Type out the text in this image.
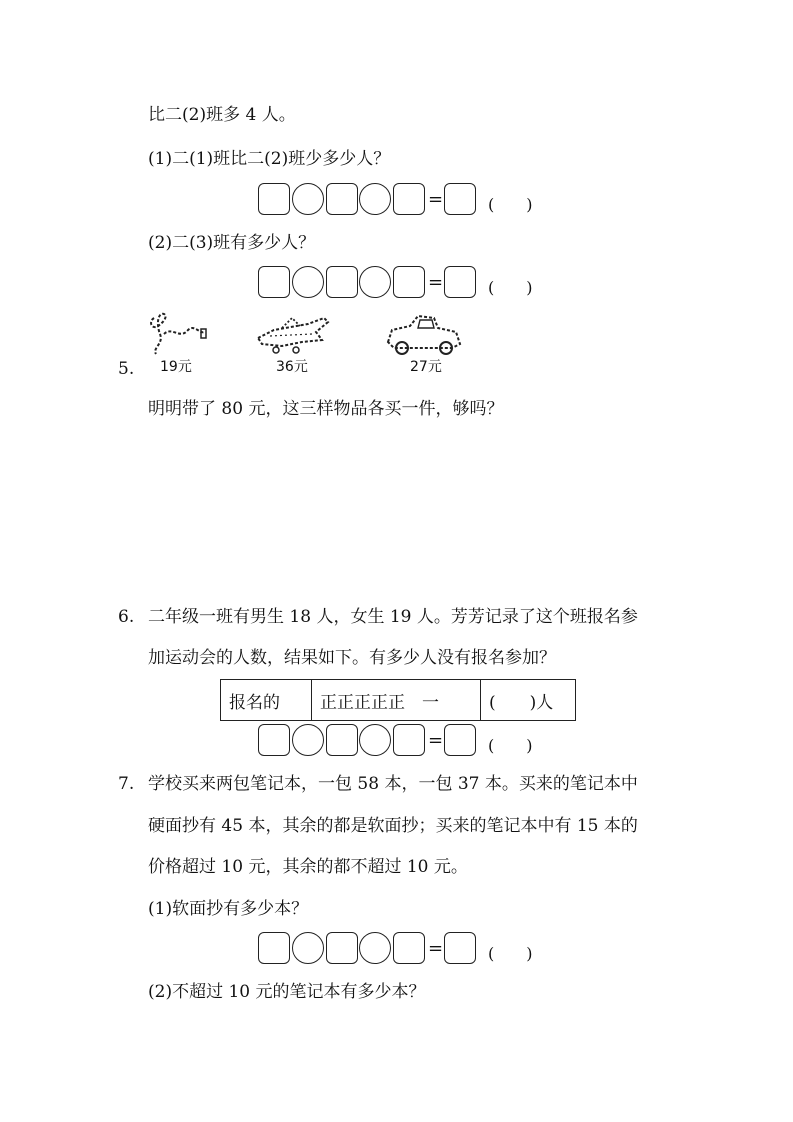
比二(2)班多 4 人。
(1)二(1)班比二(2)班少多少人？
=	(　　)
(2)二(3)班有多少人？
=	(　　)
19元	36元	27元
5.
明明带了 80 元，这三样物品各买一件，够吗？
6. 二年级一班有男生 18 人，女生 19 人。芳芳记录了这个班报名参
加运动会的人数，结果如下。有多少人没有报名参加？
报名的	正正正正正　一	(　　)人
=	(　　)
7. 学校买来两包笔记本，一包 58 本，一包 37 本。买来的笔记本中
硬面抄有 45 本，其余的都是软面抄；买来的笔记本中有 15 本的
价格超过 10 元，其余的都不超过 10 元。
(1)软面抄有多少本？
=	(　　)
(2)不超过 10 元的笔记本有多少本？
